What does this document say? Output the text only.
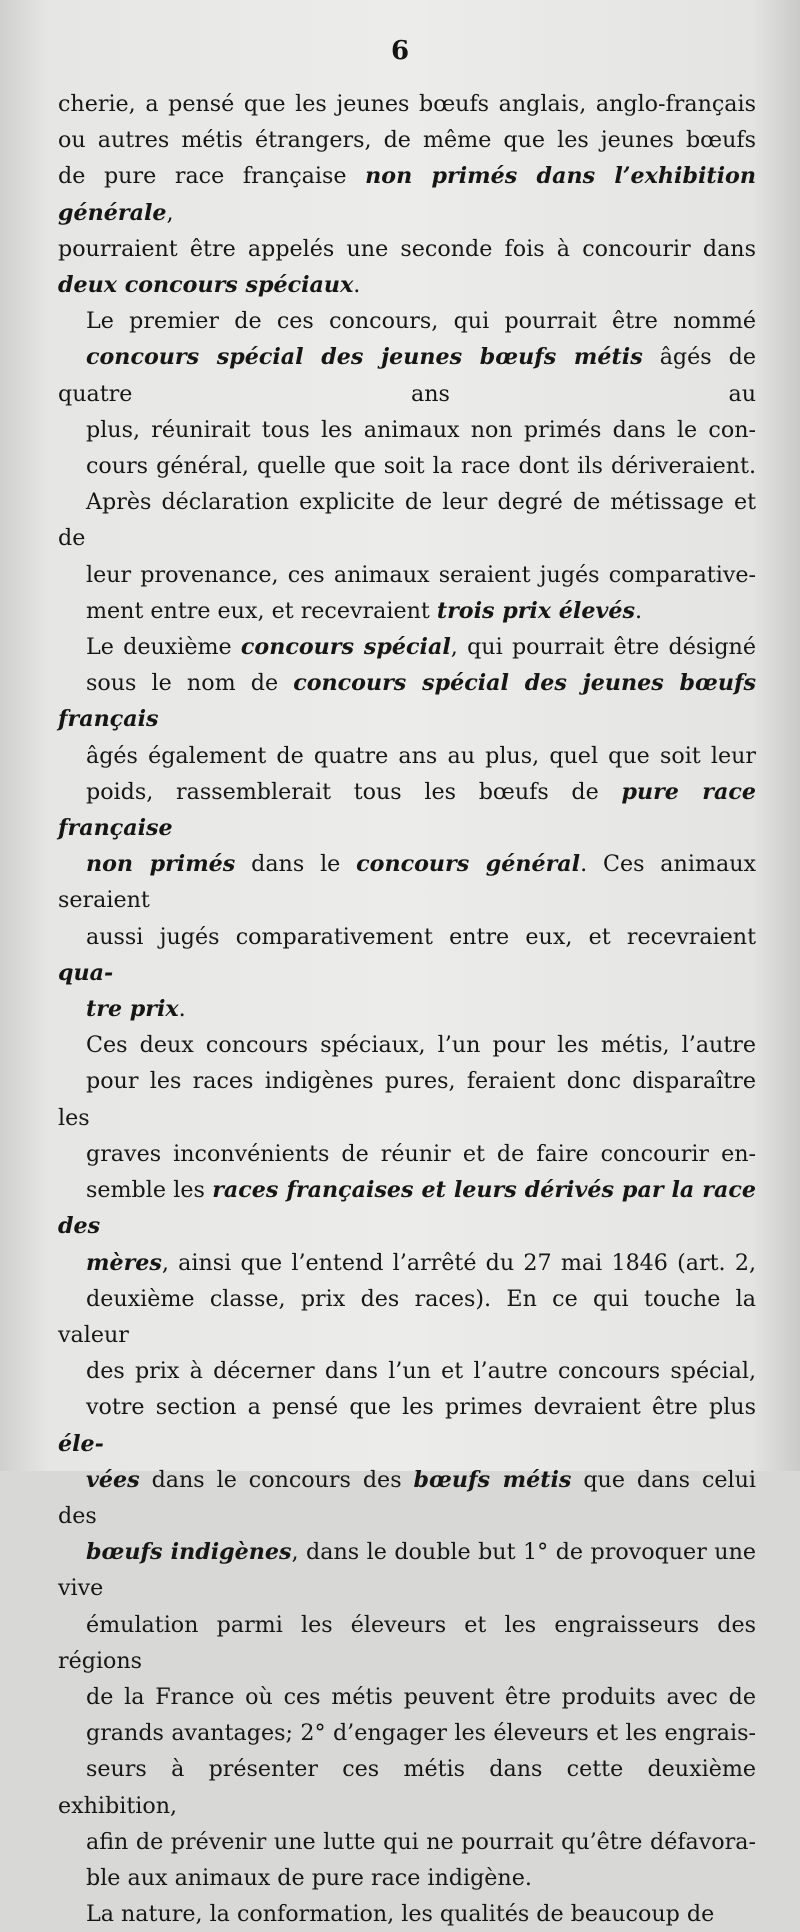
6

cherie, a pensé que les jeunes bœufs anglais, anglo-français
ou autres métis étrangers, de même que les jeunes bœufs
de pure race française non primés dans l’exhibition générale,
pourraient être appelés une seconde fois à concourir dans
deux concours spéciaux.

Le premier de ces concours, qui pourrait être nommé
concours spécial des jeunes bœufs métis âgés de quatre ans au
plus, réunirait tous les animaux non primés dans le con-
cours général, quelle que soit la race dont ils dériveraient.
Après déclaration explicite de leur degré de métissage et de
leur provenance, ces animaux seraient jugés comparative-
ment entre eux, et recevraient trois prix élevés.

Le deuxième concours spécial, qui pourrait être désigné
sous le nom de concours spécial des jeunes bœufs français
âgés également de quatre ans au plus, quel que soit leur
poids, rassemblerait tous les bœufs de pure race française
non primés dans le concours général. Ces animaux seraient
aussi jugés comparativement entre eux, et recevraient qua-
tre prix.

Ces deux concours spéciaux, l’un pour les métis, l’autre
pour les races indigènes pures, feraient donc disparaître les
graves inconvénients de réunir et de faire concourir en-
semble les races françaises et leurs dérivés par la race des
mères, ainsi que l’entend l’arrêté du 27 mai 1846 (art. 2,
deuxième classe, prix des races). En ce qui touche la valeur
des prix à décerner dans l’un et l’autre concours spécial,
votre section a pensé que les primes devraient être plus éle-
vées dans le concours des bœufs métis que dans celui des
bœufs indigènes, dans le double but 1° de provoquer une vive
émulation parmi les éleveurs et les engraisseurs des régions
de la France où ces métis peuvent être produits avec de
grands avantages; 2° d’engager les éleveurs et les engrais-
seurs à présenter ces métis dans cette deuxième exhibition,
afin de prévenir une lutte qui ne pourrait qu’être défavora-
ble aux animaux de pure race indigène.

La nature, la conformation, les qualités de beaucoup de
